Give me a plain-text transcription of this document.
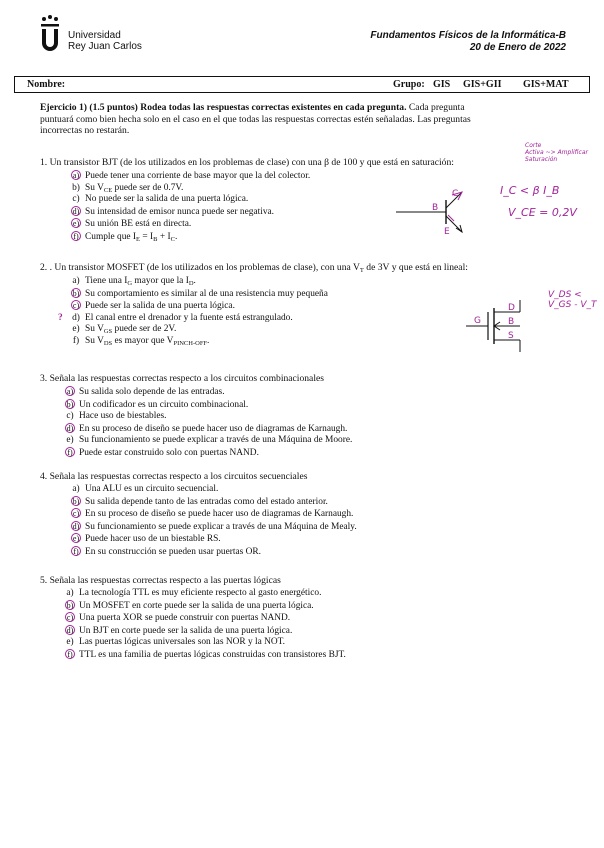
Universidad
Rey Juan Carlos
Fundamentos Físicos de la Informática-B
20 de Enero de 2022
Nombre:	Grupo: GIS GIS+GII GIS+MAT
Ejercicio 1) (1.5 puntos) Rodea todas las respuestas correctas existentes en cada pregunta. Cada pregunta
puntuará como bien hecha solo en el caso en el que todas las respuestas correctas estén señaladas. Las preguntas
incorrectas no restarán.
1. Un transistor BJT (de los utilizados en los problemas de clase) con una β de 100 y que está en saturación:
a) Puede tener una corriente de base mayor que la del colector.
b) Su $V_{CE}$ puede ser de 0.7V.
c) No puede ser la salida de una puerta lógica.
d) Su intensidad de emisor nunca puede ser negativa.
e) Su unión BE está en directa.
f) Cumple que $I_E = I_B + I_C$.
Corte
Activa ~> Amplificar
Saturación
I_C < β I_B
V_CE = 0,2V
B
C
E
2. . Un transistor MOSFET (de los utilizados en los problemas de clase), con una $V_T$ de 3V y que está en lineal:
a) Tiene una $I_G$ mayor que la $I_D$.
b) Su comportamiento es similar al de una resistencia muy pequeña
c) Puede ser la salida de una puerta lógica.
? d) El canal entre el drenador y la fuente está estrangulado.
e) Su $V_{GS}$ puede ser de 2V.
f) Su $V_{DS}$ es mayor que $V_{PINCH-OFF}$.
V_DS < V_GS - V_T
G
D
B
S
3. Señala las respuestas correctas respecto a los circuitos combinacionales
a) Su salida solo depende de las entradas.
b) Un codificador es un circuito combinacional.
c) Hace uso de biestables.
d) En su proceso de diseño se puede hacer uso de diagramas de Karnaugh.
e) Su funcionamiento se puede explicar a través de una Máquina de Moore.
f) Puede estar construido solo con puertas NAND.
4. Señala las respuestas correctas respecto a los circuitos secuenciales
a) Una ALU es un circuito secuencial.
b) Su salida depende tanto de las entradas como del estado anterior.
c) En su proceso de diseño se puede hacer uso de diagramas de Karnaugh.
d) Su funcionamiento se puede explicar a través de una Máquina de Mealy.
e) Puede hacer uso de un biestable RS.
f) En su construcción se pueden usar puertas OR.
5. Señala las respuestas correctas respecto a las puertas lógicas
a) La tecnología TTL es muy eficiente respecto al gasto energético.
b) Un MOSFET en corte puede ser la salida de una puerta lógica.
c) Una puerta XOR se puede construir con puertas NAND.
d) Un BJT en corte puede ser la salida de una puerta lógica.
e) Las puertas lógicas universales son las NOR y la NOT.
f) TTL es una familia de puertas lógicas construidas con transistores BJT.
